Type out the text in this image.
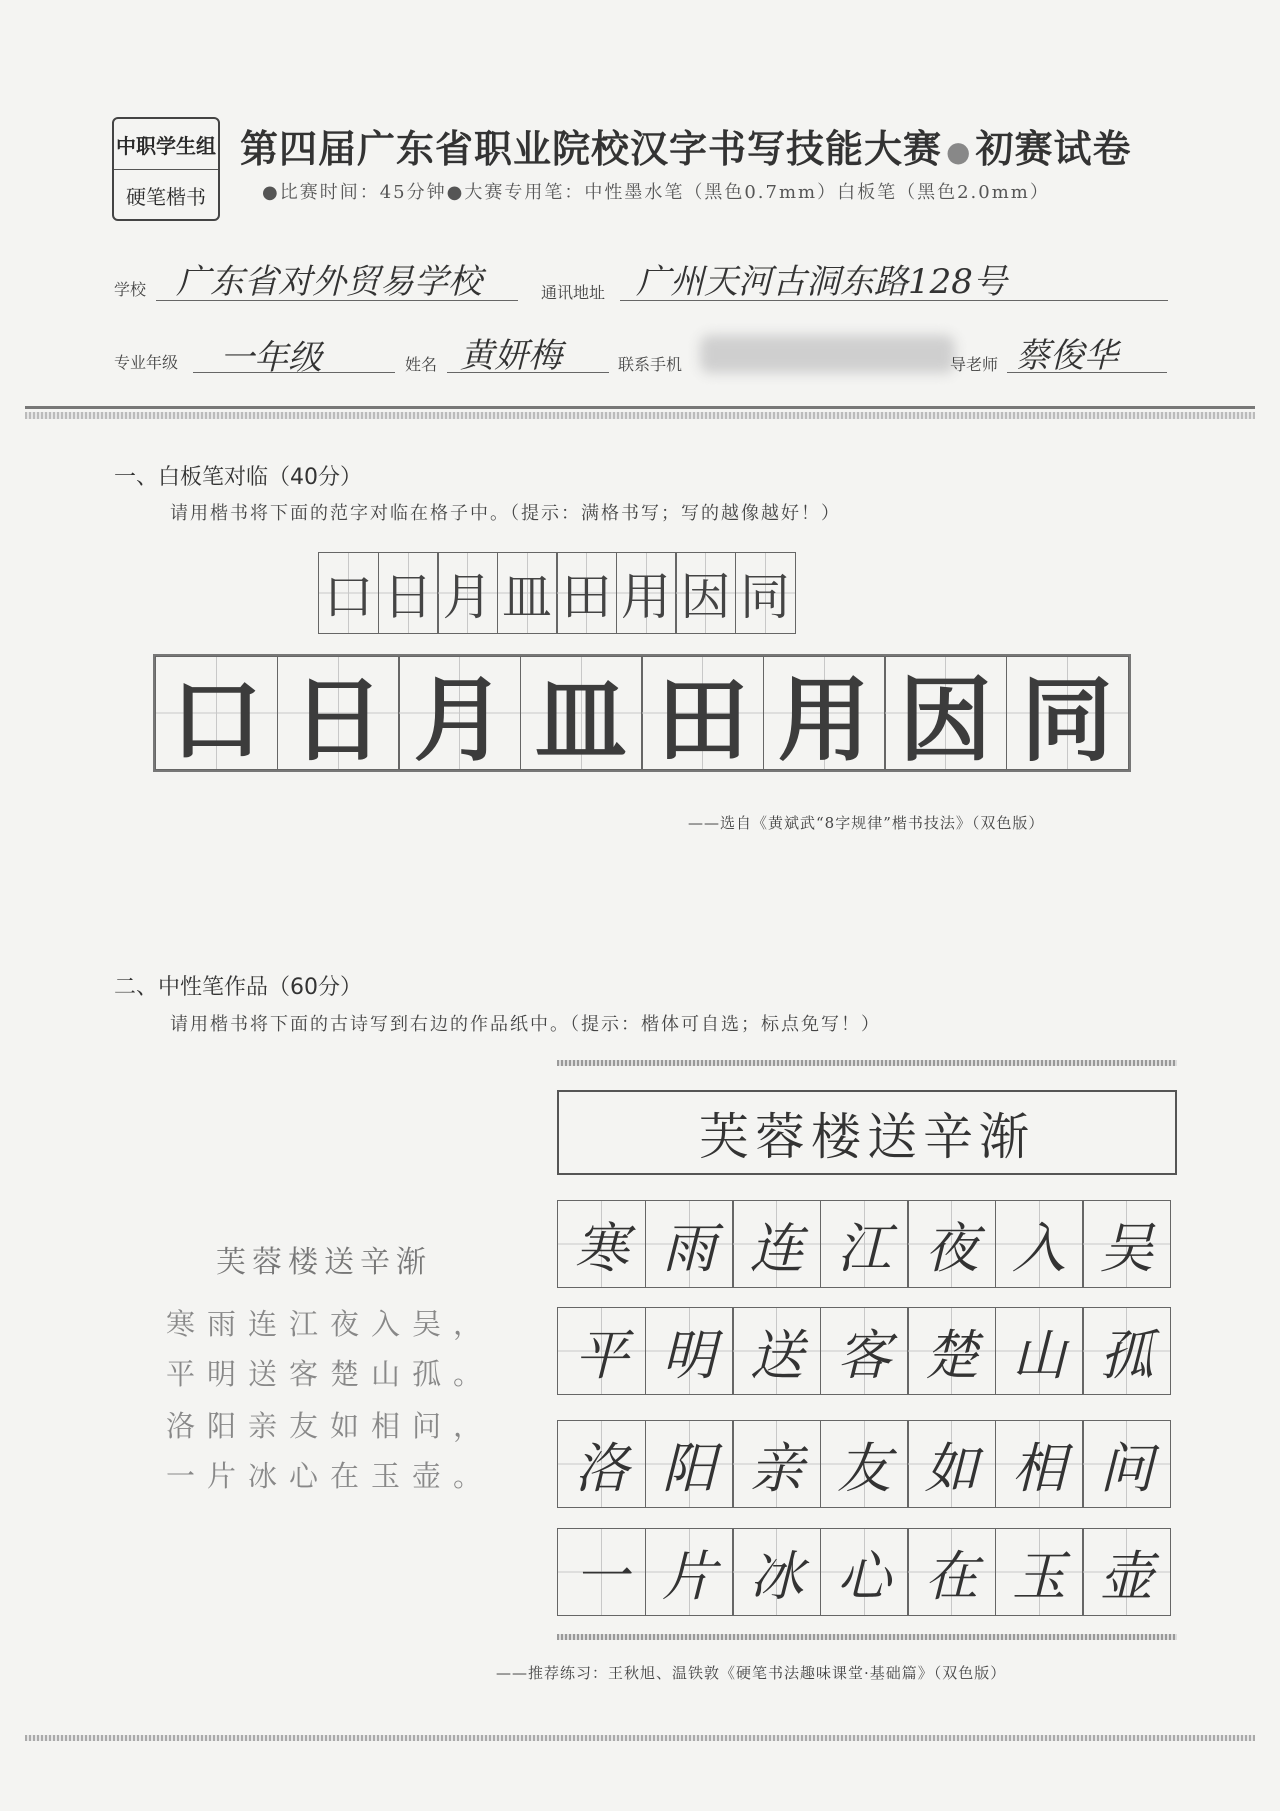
中职学生组
硬笔楷书
第四届广东省职业院校汉字书写技能大赛 ● 初赛试卷
●比赛时间：45分钟●大赛专用笔：中性墨水笔（黑色0.7mm）白板笔（黑色2.0mm）
学校 广东省对外贸易学校	通讯地址 广州天河古洞东路128号
专业年级 一年级	姓名 黄妍梅	联系手机	导老师 蔡俊华
一、白板笔对临（40分）
请用楷书将下面的范字对临在格子中。（提示：满格书写；写的越像越好！）
口 日 月 皿 田 用 因 同
口 日 月 皿 田 用 因 同
——选自《黄斌武“8字规律”楷书技法》（双色版）
二、中性笔作品（60分）
请用楷书将下面的古诗写到右边的作品纸中。（提示：楷体可自选；标点免写！）
芙蓉楼送辛渐
寒雨连江夜入吴，
平明送客楚山孤。
洛阳亲友如相问，
一片冰心在玉壶。
芙蓉楼送辛渐
寒 雨 连 江 夜 入 吴
平 明 送 客 楚 山 孤
洛 阳 亲 友 如 相 问
一 片 冰 心 在 玉 壶
——推荐练习：王秋旭、温铁敦《硬笔书法趣味课堂·基础篇》（双色版）
